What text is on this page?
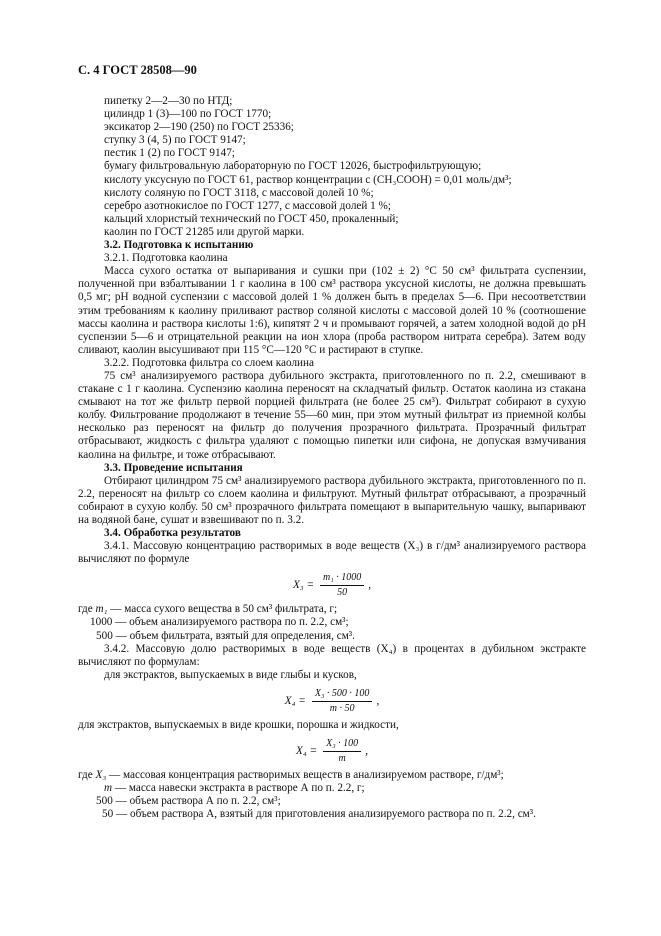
С. 4 ГОСТ 28508—90

пипетку 2—2—30 по НТД;

цилиндр 1 (3)—100 по ГОСТ 1770;

эксикатор 2—190 (250) по ГОСТ 25336;

ступку 3 (4, 5) по ГОСТ 9147;

пестик 1 (2) по ГОСТ 9147;

бумагу фильтровальную лабораторную по ГОСТ 12026, быстрофильтрующую;

кислоту уксусную по ГОСТ 61, раствор концентрации c (CH₃COOH) = 0,01 моль/дм³;

кислоту соляную по ГОСТ 3118, с массовой долей 10 %;

серебро азотнокислое по ГОСТ 1277, с массовой долей 1 %;

кальций хлористый технический по ГОСТ 450, прокаленный;

каолин по ГОСТ 21285 или другой марки.

3.2. Подготовка к испытанию

3.2.1. Подготовка каолина

Масса сухого остатка от выпаривания и сушки при (102 ± 2) °С 50 см³ фильтрата суспензии, полученной при взбалтывании 1 г каолина в 100 см³ раствора уксусной кислоты, не должна превышать 0,5 мг; pH водной суспензии с массовой долей 1 % должен быть в пределах 5—6. При несоответствии этим требованиям к каолину приливают раствор соляной кислоты с массовой долей 10 % (соотношение массы каолина и раствора кислоты 1:6), кипятят 2 ч и промывают горячей, а затем холодной водой до pH суспензии 5—6 и отрицательной реакции на ион хлора (проба раствором нитрата серебра). Затем воду сливают, каолин высушивают при 115 °С—120 °С и растирают в ступке.

3.2.2. Подготовка фильтра со слоем каолина

75 см³ анализируемого раствора дубильного экстракта, приготовленного по п. 2.2, смешивают в стакане с 1 г каолина. Суспензию каолина переносят на складчатый фильтр. Остаток каолина из стакана смывают на тот же фильтр первой порцией фильтрата (не более 25 см³). Фильтрат собирают в сухую колбу. Фильтрование продолжают в течение 55—60 мин, при этом мутный фильтрат из приемной колбы несколько раз переносят на фильтр до получения прозрачного фильтрата. Прозрачный фильтрат отбрасывают, жидкость с фильтра удаляют с помощью пипетки или сифона, не допуская взмучивания каолина на фильтре, и тоже отбрасывают.

3.3. Проведение испытания

Отбирают цилиндром 75 см³ анализируемого раствора дубильного экстракта, приготовленного по п. 2.2, переносят на фильтр со слоем каолина и фильтруют. Мутный фильтрат отбрасывают, а прозрачный собирают в сухую колбу. 50 см³ прозрачного фильтрата помещают в выпарительную чашку, выпаривают на водяной бане, сушат и взвешивают по п. 3.2.

3.4. Обработка результатов

3.4.1. Массовую концентрацию растворимых в воде веществ (X₃) в г/дм³ анализируемого раствора вычисляют по формуле

$X_3 = \frac{\text{m₁ · 1000}}{50}$ ,

где m₁ — масса сухого вещества в 50 см³ фильтрата, г;

1000 — объем анализируемого раствора по п. 2.2, см³;

500 — объем фильтрата, взятый для определения, см³.

3.4.2. Массовую долю растворимых в воде веществ (X₄) в процентах в дубильном экстракте вычисляют по формулам:

для экстрактов, выпускаемых в виде глыбы и кусков,

$X_4 = \frac{\text{X₃ · 500 · 100}}{m \cdot 50}$ ,

для экстрактов, выпускаемых в виде крошки, порошка и жидкости,

$X_4 = \frac{\text{X₃ · 100}}{m}$ ,

где X₃ — массовая концентрация растворимых веществ в анализируемом растворе, г/дм³;

m — масса навески экстракта в растворе А по п. 2.2, г;

500 — объем раствора А по п. 2.2, см³;

50 — объем раствора А, взятый для приготовления анализируемого раствора по п. 2.2, см³.
